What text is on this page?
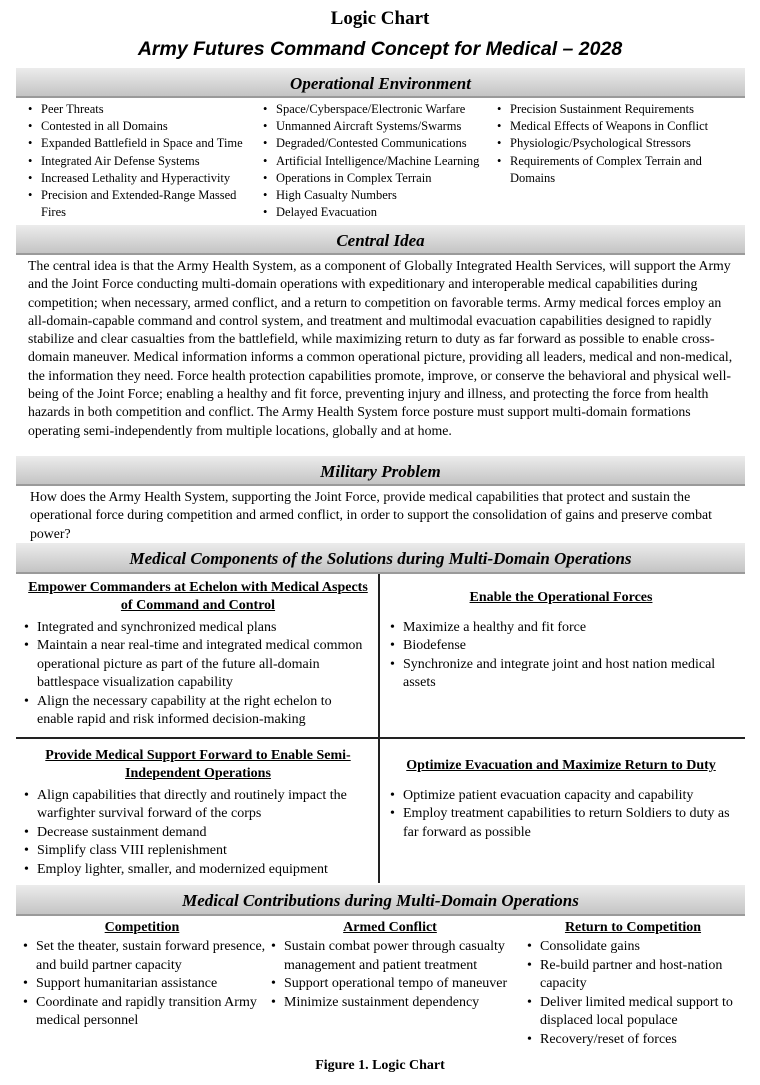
Logic Chart
Army Futures Command Concept for Medical – 2028
Operational Environment
• Peer Threats
• Contested in all Domains
• Expanded Battlefield in Space and Time
• Integrated Air Defense Systems
• Increased Lethality and Hyperactivity
• Precision and Extended-Range Massed Fires
• Space/Cyberspace/Electronic Warfare
• Unmanned Aircraft Systems/Swarms
• Degraded/Contested Communications
• Artificial Intelligence/Machine Learning
• Operations in Complex Terrain
• High Casualty Numbers
• Delayed Evacuation
• Precision Sustainment Requirements
• Medical Effects of Weapons in Conflict
• Physiologic/Psychological Stressors
• Requirements of Complex Terrain and Domains
Central Idea
The central idea is that the Army Health System, as a component of Globally Integrated Health Services, will support the Army and the Joint Force conducting multi-domain operations with expeditionary and interoperable medical capabilities during competition; when necessary, armed conflict, and a return to competition on favorable terms. Army medical forces employ an all-domain-capable command and control system, and treatment and multimodal evacuation capabilities designed to rapidly stabilize and clear casualties from the battlefield, while maximizing return to duty as far forward as possible to enable cross-domain maneuver. Medical information informs a common operational picture, providing all leaders, medical and non-medical, the information they need. Force health protection capabilities promote, improve, or conserve the behavioral and physical well-being of the Joint Force; enabling a healthy and fit force, preventing injury and illness, and protecting the force from health hazards in both competition and conflict. The Army Health System force posture must support multi-domain formations operating semi-independently from multiple locations, globally and at home.
Military Problem
How does the Army Health System, supporting the Joint Force, provide medical capabilities that protect and sustain the operational force during competition and armed conflict, in order to support the consolidation of gains and preserve combat power?
Medical Components of the Solutions during Multi-Domain Operations
Empower Commanders at Echelon with Medical Aspects of Command and Control
• Integrated and synchronized medical plans
• Maintain a near real-time and integrated medical common operational picture as part of the future all-domain battlespace visualization capability
• Align the necessary capability at the right echelon to enable rapid and risk informed decision-making
Enable the Operational Forces
• Maximize a healthy and fit force
• Biodefense
• Synchronize and integrate joint and host nation medical assets
Provide Medical Support Forward to Enable Semi-Independent Operations
• Align capabilities that directly and routinely impact the warfighter survival forward of the corps
• Decrease sustainment demand
• Simplify class VIII replenishment
• Employ lighter, smaller, and modernized equipment
Optimize Evacuation and Maximize Return to Duty
• Optimize patient evacuation capacity and capability
• Employ treatment capabilities to return Soldiers to duty as far forward as possible
Medical Contributions during Multi-Domain Operations
Competition
• Set the theater, sustain forward presence, and build partner capacity
• Support humanitarian assistance
• Coordinate and rapidly transition Army medical personnel
Armed Conflict
• Sustain combat power through casualty management and patient treatment
• Support operational tempo of maneuver
• Minimize sustainment dependency
Return to Competition
• Consolidate gains
• Re-build partner and host-nation capacity
• Deliver limited medical support to displaced local populace
• Recovery/reset of forces
Figure 1. Logic Chart
